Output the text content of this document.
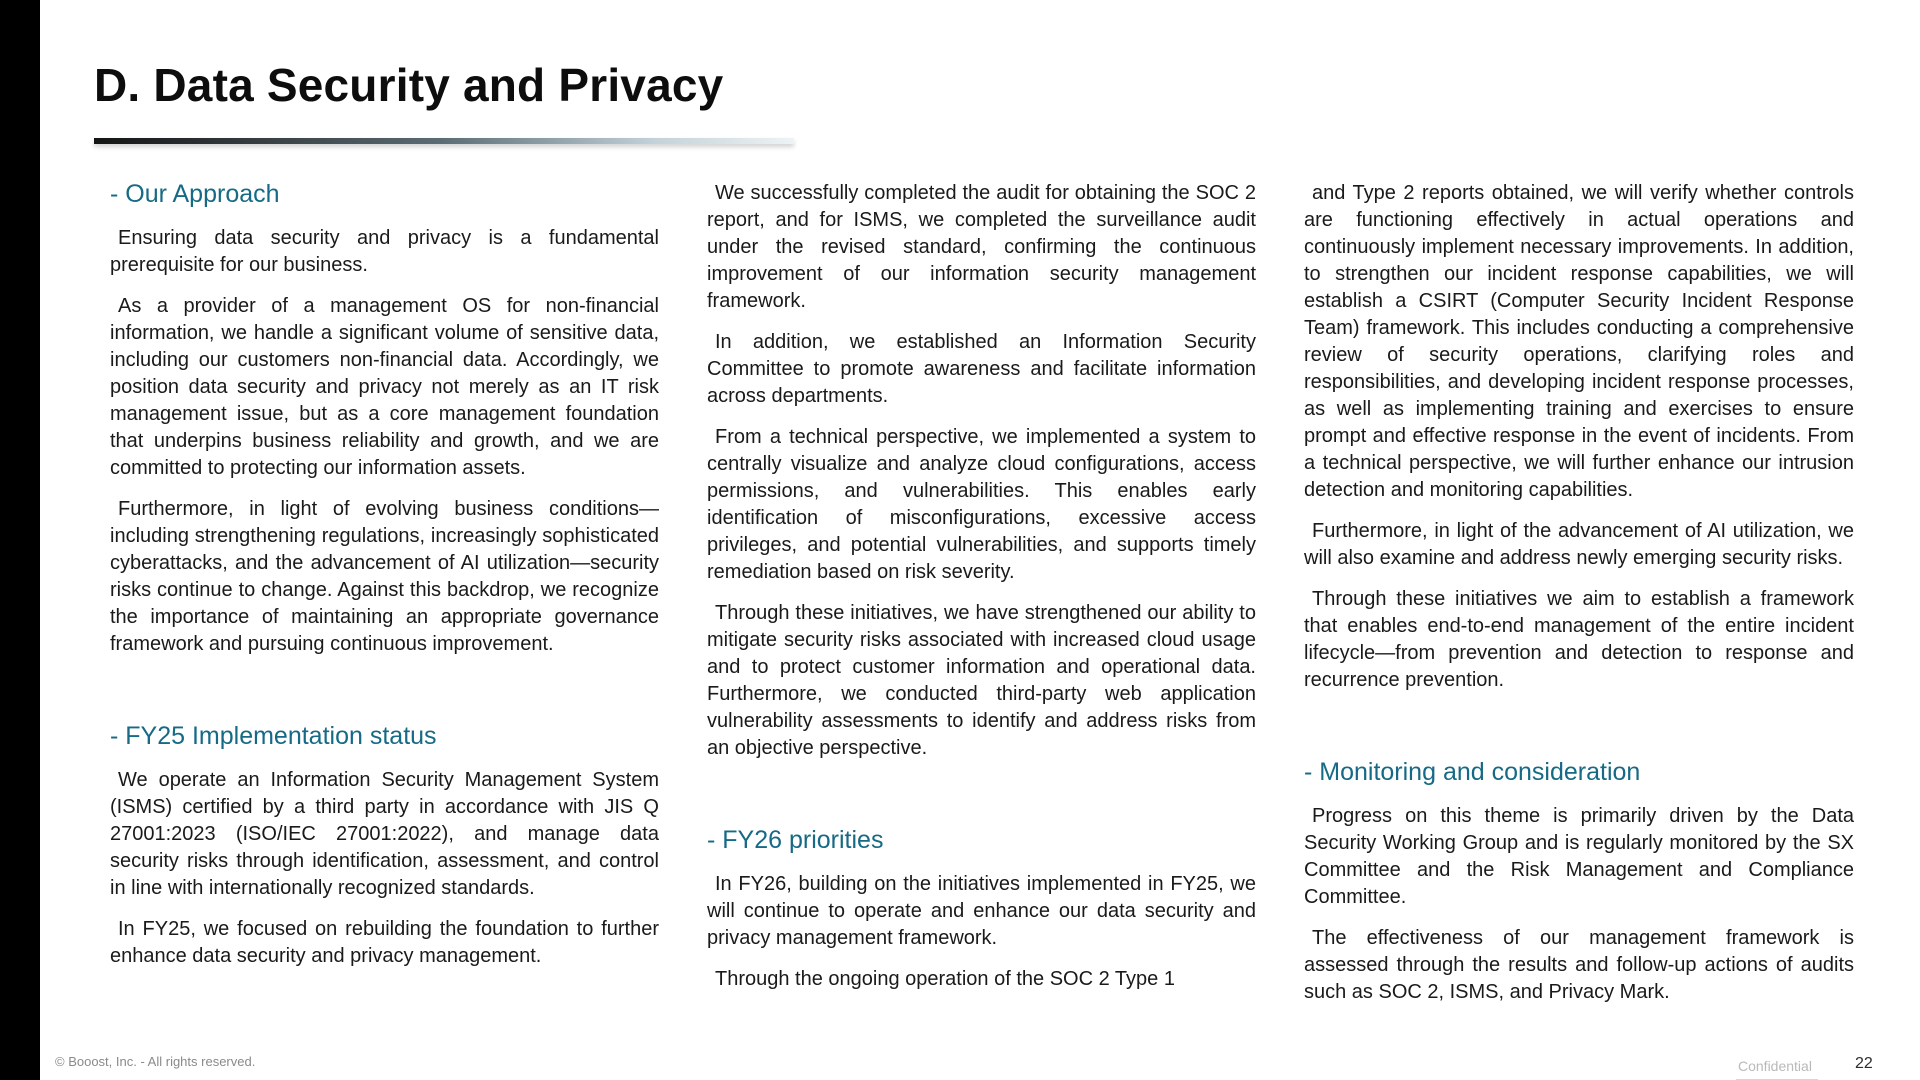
D. Data Security and Privacy
- Our Approach

Ensuring data security and privacy is a fundamental prerequisite for our business.

As a provider of a management OS for non-financial information, we handle a significant volume of sensitive data, including our customers non-financial data. Accordingly, we position data security and privacy not merely as an IT risk management issue, but as a core management foundation that underpins business reliability and growth, and we are committed to protecting our information assets.

Furthermore, in light of evolving business conditions—including strengthening regulations, increasingly sophisticated cyberattacks, and the advancement of AI utilization—security risks continue to change. Against this backdrop, we recognize the importance of maintaining an appropriate governance framework and pursuing continuous improvement.

- FY25 Implementation status

We operate an Information Security Management System (ISMS) certified by a third party in accordance with JIS Q 27001:2023 (ISO/IEC 27001:2022), and manage data security risks through identification, assessment, and control in line with internationally recognized standards.

In FY25, we focused on rebuilding the foundation to further enhance data security and privacy management.

We successfully completed the audit for obtaining the SOC 2 report, and for ISMS, we completed the surveillance audit under the revised standard, confirming the continuous improvement of our information security management framework.

In addition, we established an Information Security Committee to promote awareness and facilitate information across departments.

From a technical perspective, we implemented a system to centrally visualize and analyze cloud configurations, access permissions, and vulnerabilities. This enables early identification of misconfigurations, excessive access privileges, and potential vulnerabilities, and supports timely remediation based on risk severity.

Through these initiatives, we have strengthened our ability to mitigate security risks associated with increased cloud usage and to protect customer information and operational data. Furthermore, we conducted third-party web application vulnerability assessments to identify and address risks from an objective perspective.

- FY26 priorities

In FY26, building on the initiatives implemented in FY25, we will continue to operate and enhance our data security and privacy management framework.

Through the ongoing operation of the SOC 2 Type 1

and Type 2 reports obtained, we will verify whether controls are functioning effectively in actual operations and continuously implement necessary improvements. In addition, to strengthen our incident response capabilities, we will establish a CSIRT (Computer Security Incident Response Team) framework. This includes conducting a comprehensive review of security operations, clarifying roles and responsibilities, and developing incident response processes, as well as implementing training and exercises to ensure prompt and effective response in the event of incidents. From a technical perspective, we will further enhance our intrusion detection and monitoring capabilities.

Furthermore, in light of the advancement of AI utilization, we will also examine and address newly emerging security risks.

Through these initiatives we aim to establish a framework that enables end-to-end management of the entire incident lifecycle—from prevention and detection to response and recurrence prevention.

- Monitoring and consideration

Progress on this theme is primarily driven by the Data Security Working Group and is regularly monitored by the SX Committee and the Risk Management and Compliance Committee.

The effectiveness of our management framework is assessed through the results and follow-up actions of audits such as SOC 2, ISMS, and Privacy Mark.

© Booost, Inc. - All rights reserved.	Confidential	22
